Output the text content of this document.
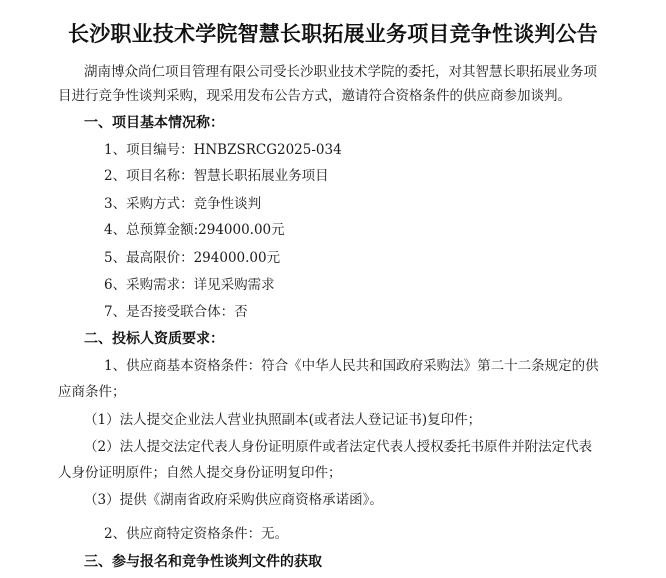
长沙职业技术学院智慧长职拓展业务项目竞争性谈判公告
湖南博众尚仁项目管理有限公司受长沙职业技术学院的委托，对其智慧长职拓展业务项
目进行竞争性谈判采购，现采用发布公告方式，邀请符合资格条件的供应商参加谈判。
一、项目基本情况称：
1、项目编号：HNBZSRCG2025-034
2、项目名称：智慧长职拓展业务项目
3、采购方式：竞争性谈判
4、总预算金额:294000.00元
5、最高限价：294000.00元
6、采购需求：详见采购需求
7、是否接受联合体：否
二、投标人资质要求：
1、供应商基本资格条件：符合《中华人民共和国政府采购法》第二十二条规定的供
应商条件；
（1）法人提交企业法人营业执照副本(或者法人登记证书)复印件；
（2）法人提交法定代表人身份证明原件或者法定代表人授权委托书原件并附法定代表
人身份证明原件；自然人提交身份证明复印件；
（3）提供《湖南省政府采购供应商资格承诺函》。
2、供应商特定资格条件：无。
三、参与报名和竞争性谈判文件的获取
